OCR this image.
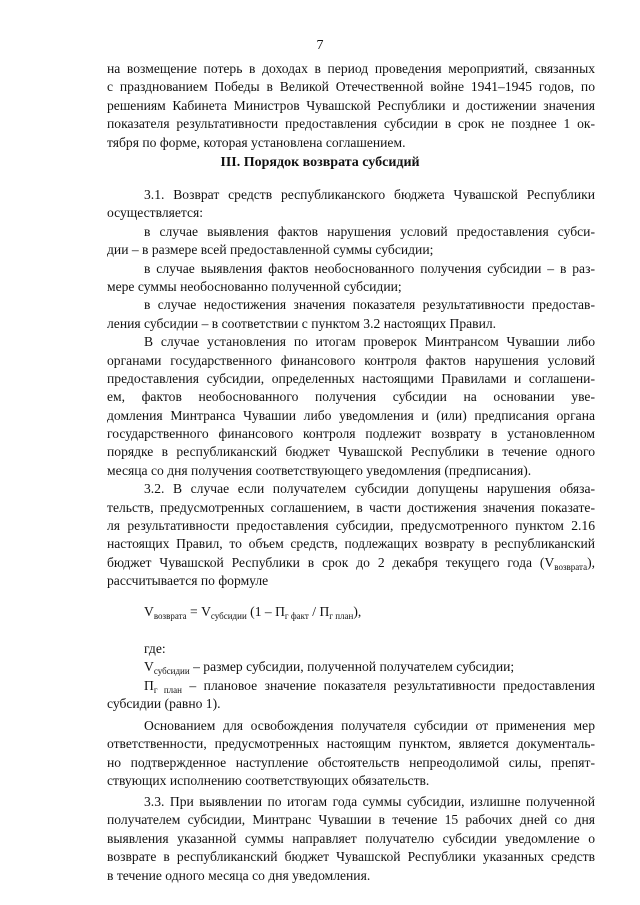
7
на возмещение потерь в доходах в период проведения мероприятий, связанных
с празднованием Победы в Великой Отечественной войне 1941–1945 годов, по
решениям Кабинета Министров Чувашской Республики и достижении значения
показателя результативности предоставления субсидии в срок не позднее 1 ок-
тября по форме, которая установлена соглашением.
III. Порядок возврата субсидий
3.1. Возврат средств республиканского бюджета Чувашской Республики
осуществляется:
в случае выявления фактов нарушения условий предоставления субси-
дии – в размере всей предоставленной суммы субсидии;
в случае выявления фактов необоснованного получения субсидии – в раз-
мере суммы необоснованно полученной субсидии;
в случае недостижения значения показателя результативности предостав-
ления субсидии – в соответствии с пунктом 3.2 настоящих Правил.
В случае установления по итогам проверок Минтрансом Чувашии либо
органами государственного финансового контроля фактов нарушения условий
предоставления субсидии, определенных настоящими Правилами и соглашени-
ем, фактов необоснованного получения субсидии на основании уве-
домления Минтранса Чувашии либо уведомления и (или) предписания органа
государственного финансового контроля подлежит возврату в установленном
порядке в республиканский бюджет Чувашской Республики в течение одного
месяца со дня получения соответствующего уведомления (предписания).
3.2. В случае если получателем субсидии допущены нарушения обяза-
тельств, предусмотренных соглашением, в части достижения значения показате-
ля результативности предоставления субсидии, предусмотренного пунктом 2.16
настоящих Правил, то объем средств, подлежащих возврату в республиканский
бюджет Чувашской Республики в срок до 2 декабря текущего года $(V_{возврата})$,
рассчитывается по формуле
$V_{возврата} = V_{субсидии}$ $(1 - П_{г факт} / П_{г план})$,
где:
$V_{субсидии}$ – размер субсидии, полученной получателем субсидии;
$П_{г план}$ – плановое значение показателя результативности предоставления
субсидии (равно 1).
Основанием для освобождения получателя субсидии от применения мер
ответственности, предусмотренных настоящим пунктом, является документаль-
но подтвержденное наступление обстоятельств непреодолимой силы, препят-
ствующих исполнению соответствующих обязательств.
3.3. При выявлении по итогам года суммы субсидии, излишне полученной
получателем субсидии, Минтранс Чувашии в течение 15 рабочих дней со дня
выявления указанной суммы направляет получателю субсидии уведомление о
возврате в республиканский бюджет Чувашской Республики указанных средств
в течение одного месяца со дня уведомления.
